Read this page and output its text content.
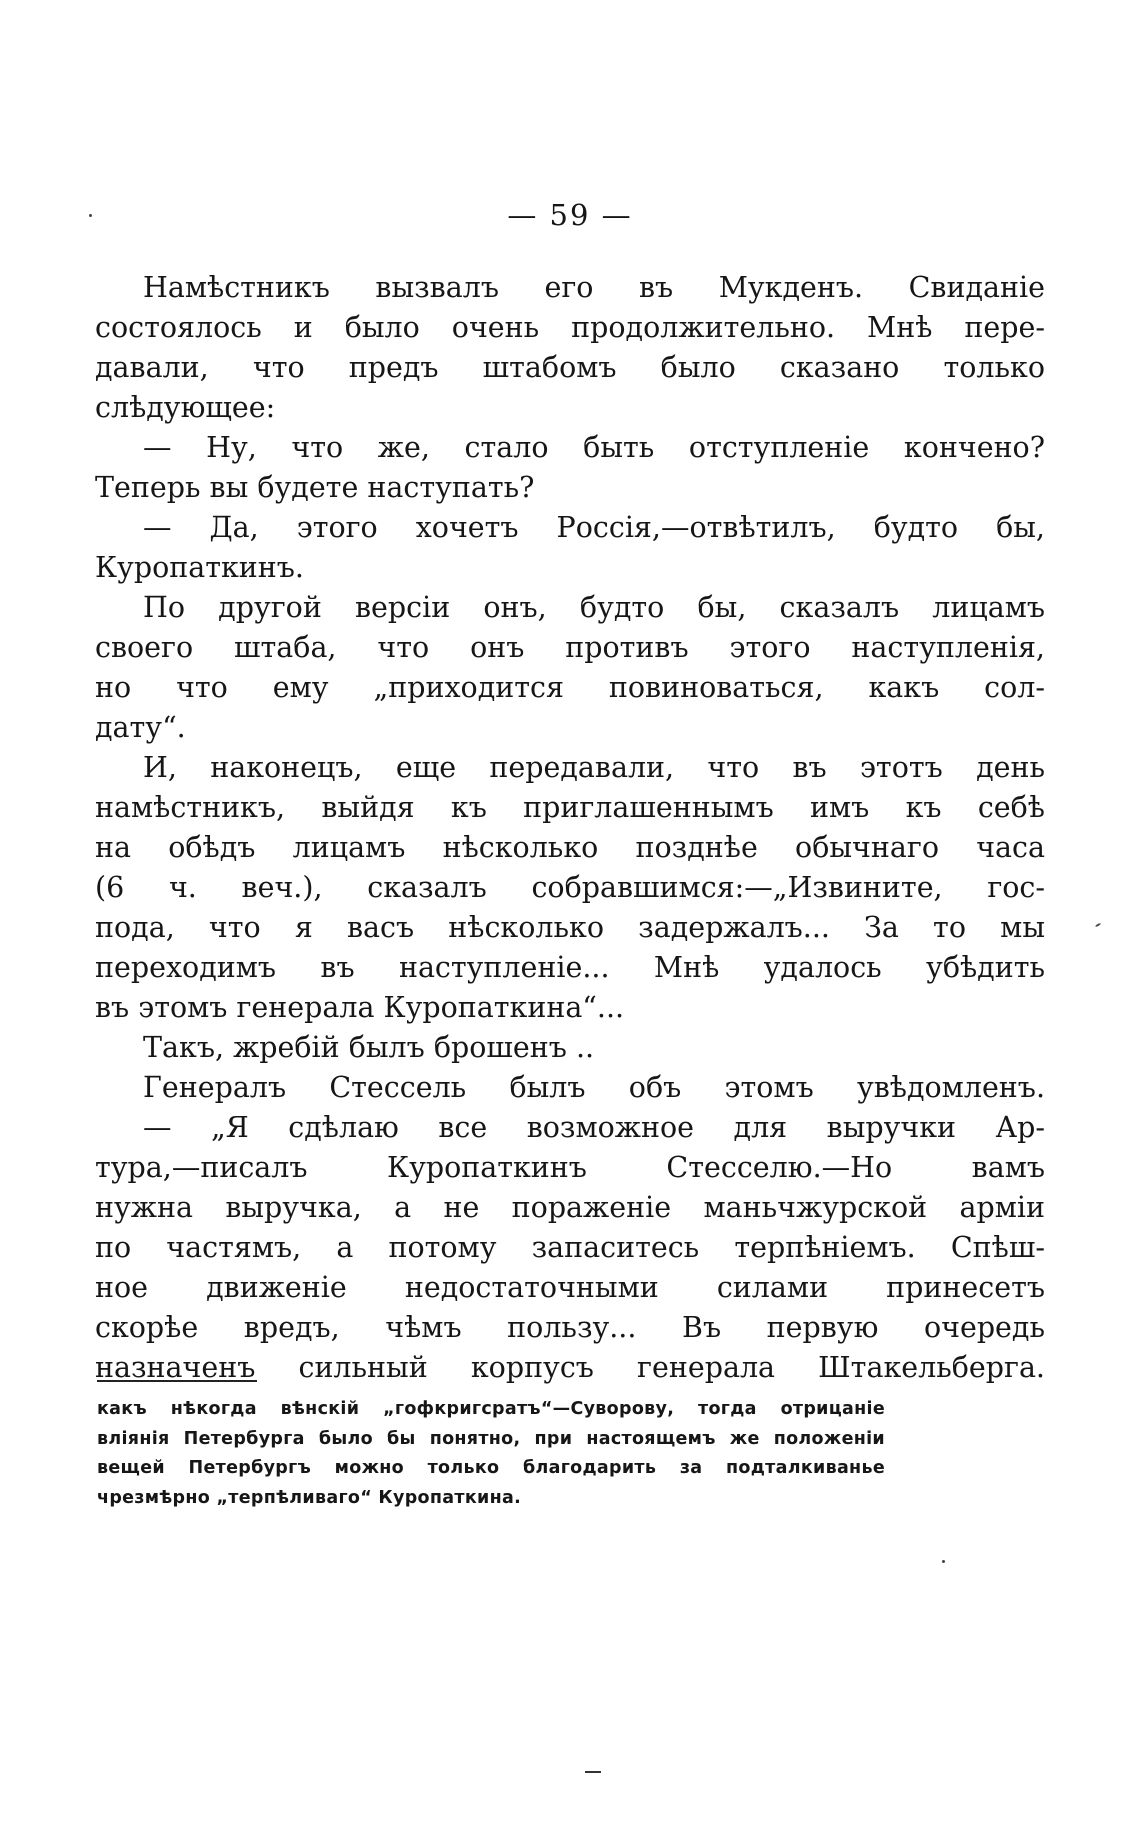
— 59 —
Намѣстникъ вызвалъ его въ Мукденъ. Свиданiе
состоялось и было очень продолжительно. Мнѣ пере-
давали, что предъ штабомъ было сказано только
слѣдующее:
— Ну, что же, стало быть отступленiе кончено?
Теперь вы будете наступать?
— Да, этого хочетъ Россiя,—отвѣтилъ, будто бы,
Куропаткинъ.
По другой версiи онъ, будто бы, сказалъ лицамъ
своего штаба, что онъ противъ этого наступленiя,
но что ему „приходится повиноваться, какъ сол-
дату“.
И, наконецъ, еще передавали, что въ этотъ день
намѣстникъ, выйдя къ приглашеннымъ имъ къ себѣ
на обѣдъ лицамъ нѣсколько позднѣе обычнаго часа
(6 ч. веч.), сказалъ собравшимся:—„Извините, гос-
пода, что я васъ нѣсколько задержалъ... За то мы
переходимъ въ наступленiе... Мнѣ удалось убѣдить
въ этомъ генерала Куропаткина“...
Такъ, жребiй былъ брошенъ ..
Генералъ Стессель былъ объ этомъ увѣдомленъ.
— „Я сдѣлаю все возможное для выручки Ар-
тура,—писалъ Куропаткинъ Стесселю.—Но вамъ
нужна выручка, а не пораженiе маньчжурской армiи
по частямъ, а потому запаситесь терпѣнiемъ. Спѣш-
ное движенiе недостаточными силами принесетъ
скорѣе вредъ, чѣмъ пользу... Въ первую очередь
назначенъ сильный корпусъ генерала Штакельберга.
какъ нѣкогда вѣнскiй „гофкригсратъ“—Суворову, тогда отрицанiе
влiянiя Петербурга было бы понятно, при настоящемъ же положенiи
вещей Петербургъ можно только благодарить за подталкиванье
чрезмѣрно „терпѣливаго“ Куропаткина.
